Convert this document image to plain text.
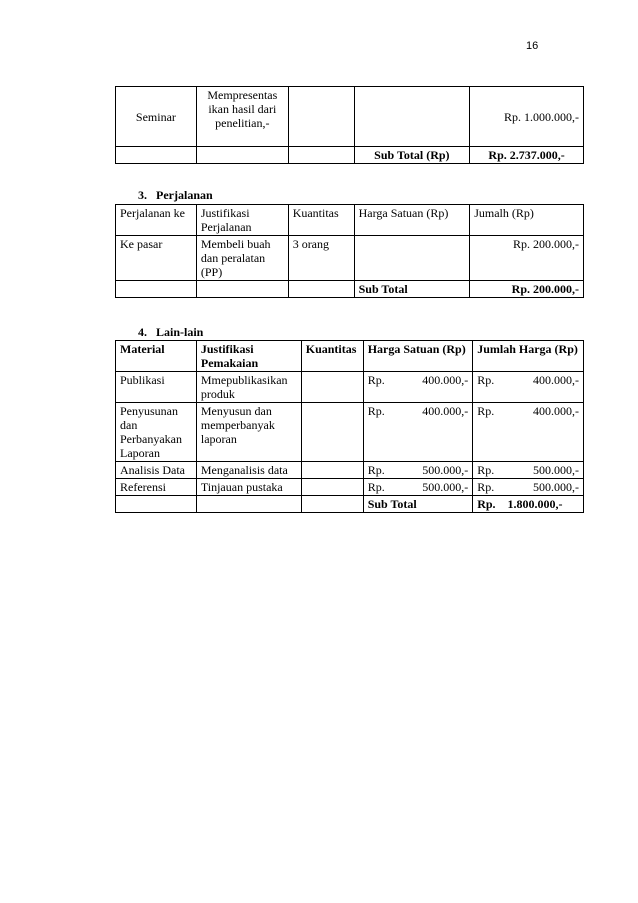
16
Seminar	Mempresentas
ikan hasil dari
penelitian,-			Rp. 1.000.000,-
			Sub Total (Rp)	Rp. 2.737.000,-
3. Perjalanan
Perjalanan ke	Justifikasi Perjalanan	Kuantitas	Harga Satuan (Rp)	Jumalh (Rp)
Ke pasar	Membeli buah dan peralatan (PP)	3 orang		Rp. 200.000,-
			Sub Total	Rp. 200.000,-
4. Lain-lain
Material	Justifikasi Pemakaian	Kuantitas	Harga Satuan (Rp)	Jumlah Harga (Rp)
Publikasi	Mmepublikasikan produk		Rp. 400.000,-	Rp. 400.000,-

Penyusunan dan Perbanyakan Laporan	Menyusun dan memperbanyak laporan		Rp. 400.000,-	Rp. 400.000,-

Analisis Data	Menganalisis data		Rp. 500.000,-	Rp. 500.000,-

Referensi	Tinjauan pustaka		Rp. 500.000,-	Rp. 500.000,-

			Sub Total	Rp.    1.800.000,-
